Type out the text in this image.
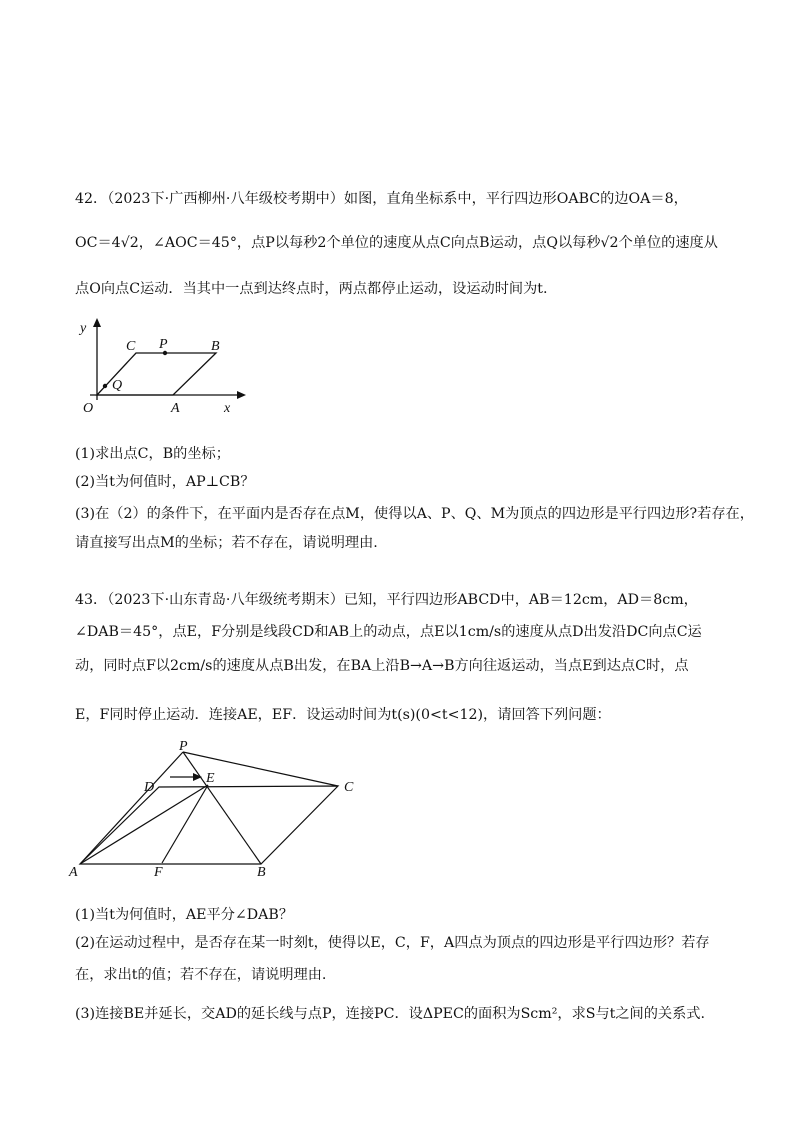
42．（2023下·广西柳州·八年级校考期中）如图，直角坐标系中，平行四边形OABC的边OA＝8，
OC＝4√2，∠AOC＝45°，点P以每秒2个单位的速度从点C向点B运动，点Q以每秒√2个单位的速度从
点O向点C运动．当其中一点到达终点时，两点都停止运动，设运动时间为t.
y
x
O	A
B
C P
Q
(1)求出点C，B的坐标；
(2)当t为何值时，AP⊥CB？
(3)在（2）的条件下，在平面内是否存在点M，使得以A、P、Q、M为顶点的四边形是平行四边形?若存在，
请直接写出点M的坐标；若不存在，请说明理由.
43．（2023下·山东青岛·八年级统考期末）已知，平行四边形ABCD中，AB＝12cm，AD＝8cm，
∠DAB＝45°，点E，F分别是线段CD和AB上的动点，点E以1cm/s的速度从点D出发沿DC向点C运
动，同时点F以2cm/s的速度从点B出发，在BA上沿B→A→B方向往返运动，当点E到达点C时，点
E，F同时停止运动．连接AE，EF．设运动时间为t(s)(0<t<12)，请回答下列问题：
P
D
E
C
A	F	B
(1)当t为何值时，AE平分∠DAB？
(2)在运动过程中，是否存在某一时刻t，使得以E，C，F，A四点为顶点的四边形是平行四边形？若存
在，求出t的值；若不存在，请说明理由.
(3)连接BE并延长，交AD的延长线与点P，连接PC．设ΔPEC的面积为Scm²，求S与t之间的关系式.
